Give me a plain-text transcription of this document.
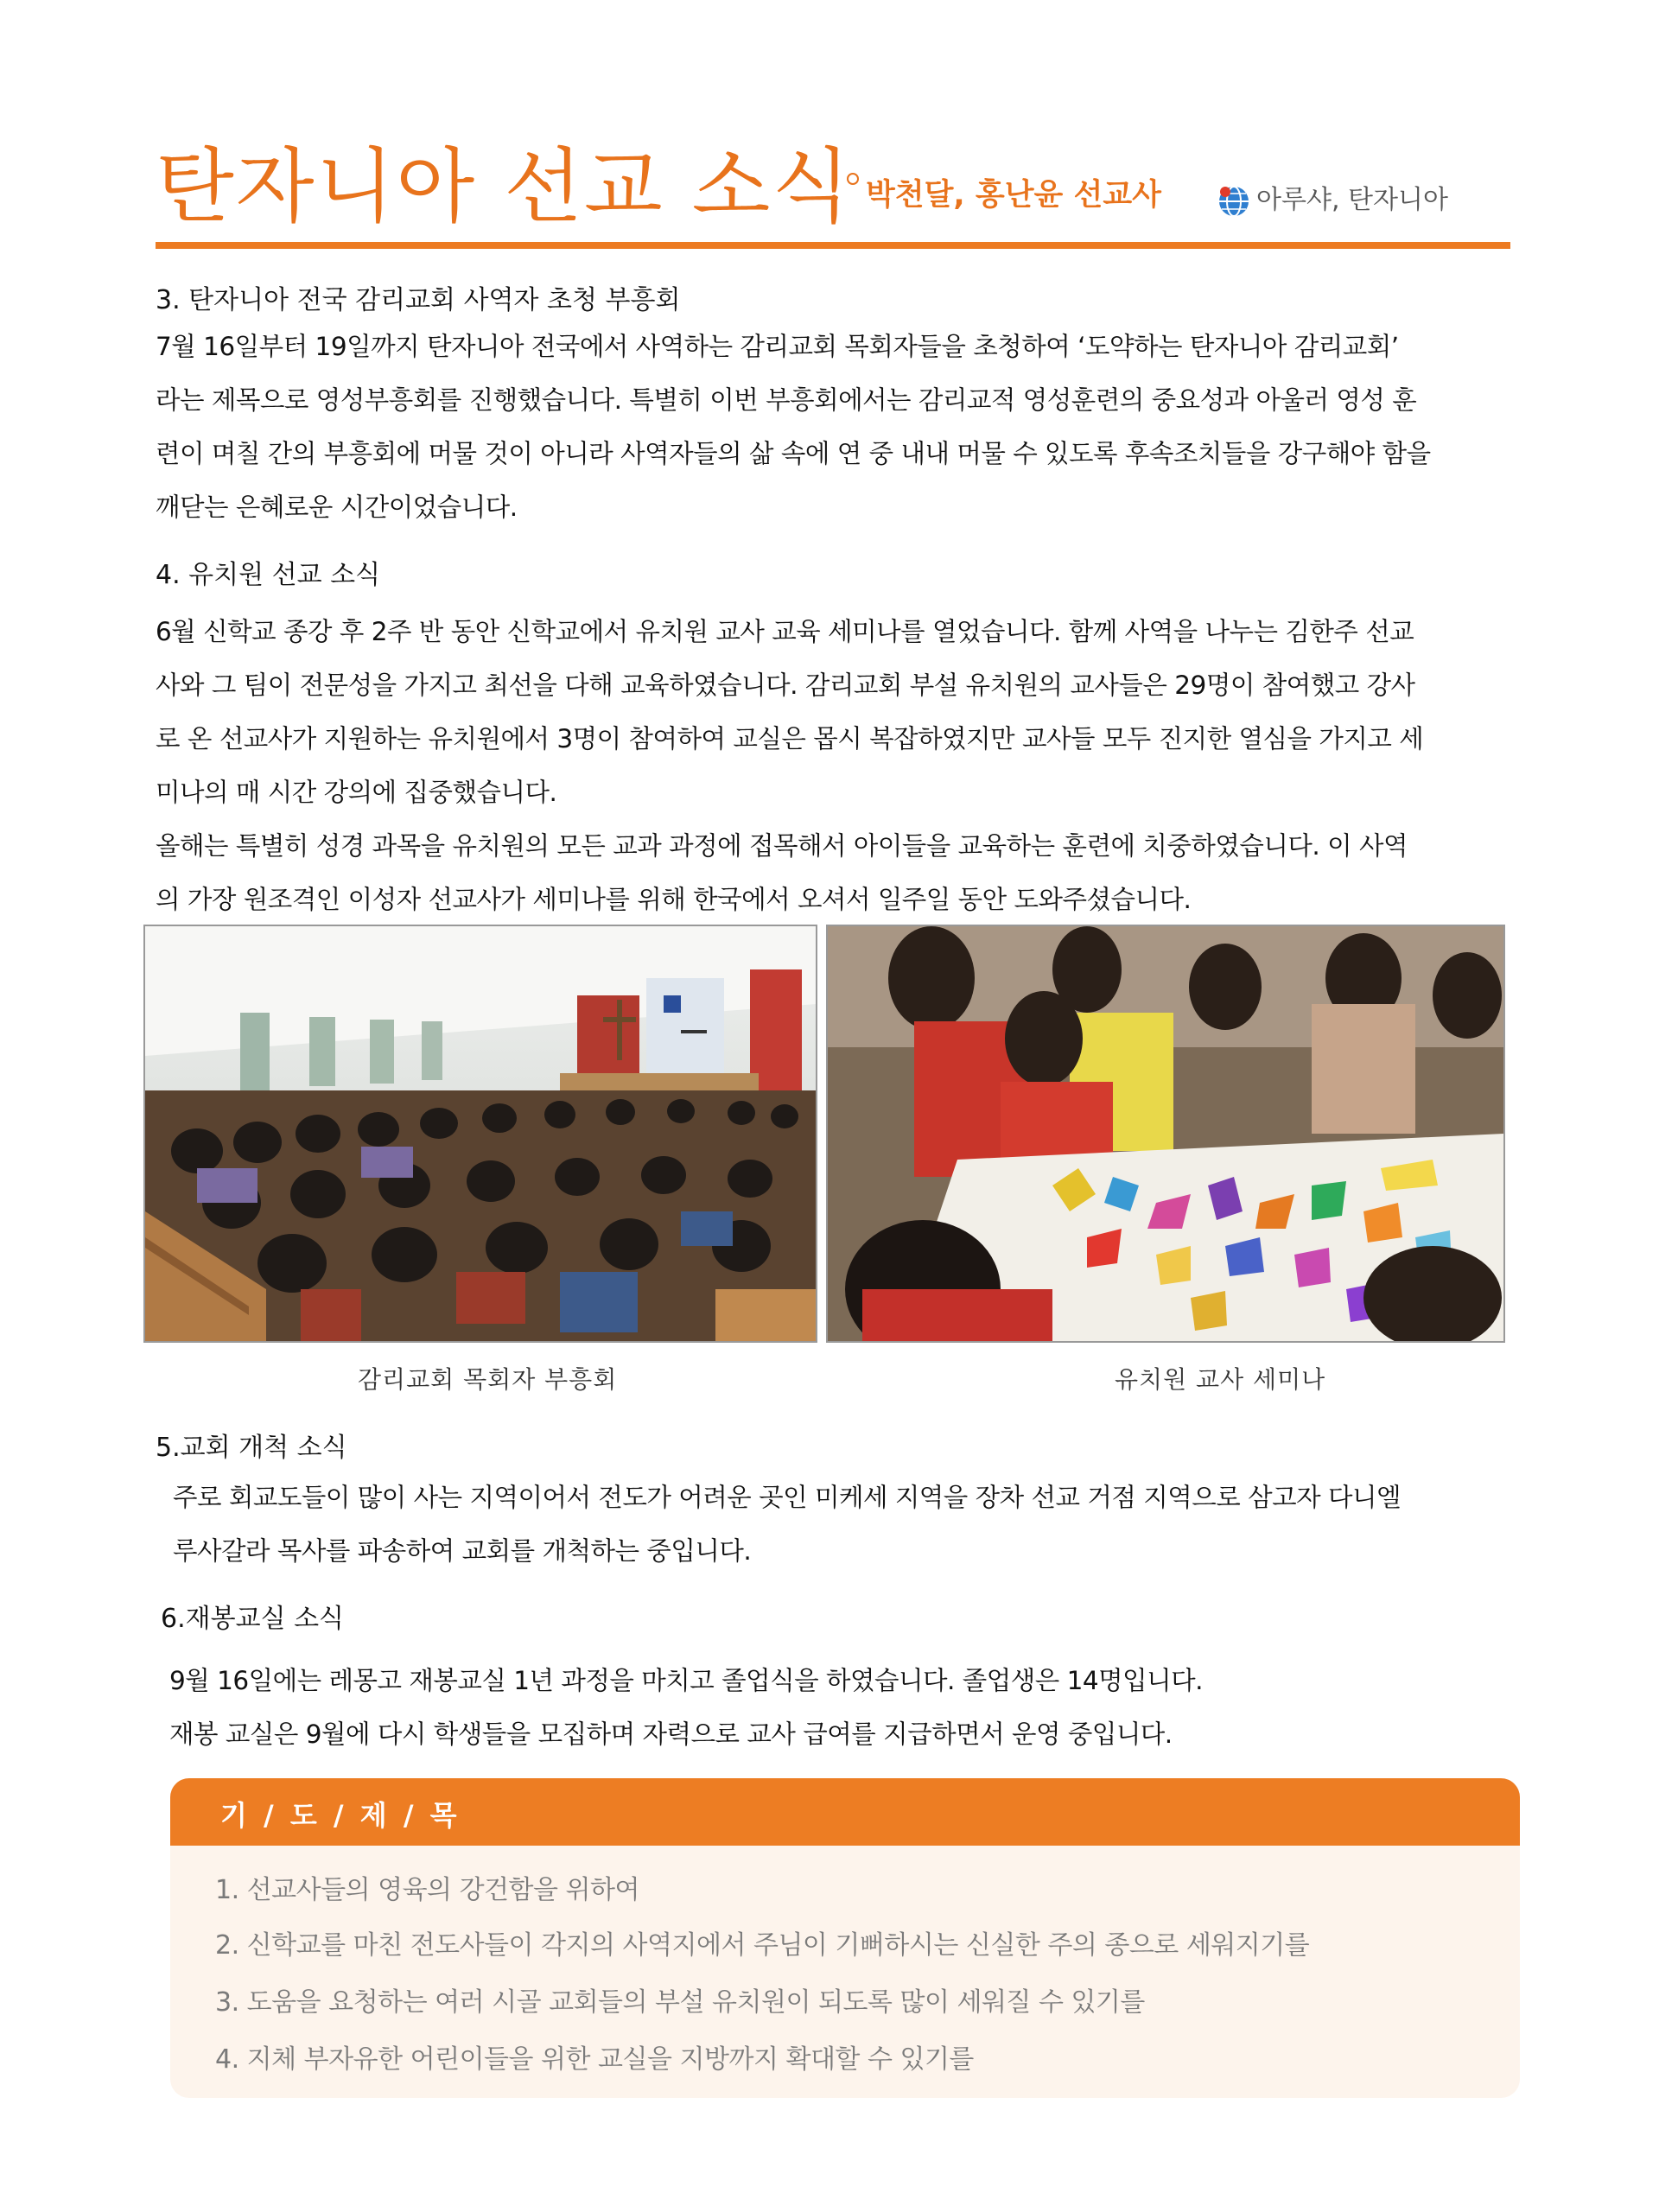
탄자니아 선교 소식 박천달, 홍난윤 선교사	아루샤, 탄자니아
3. 탄자니아 전국 감리교회 사역자 초청 부흥회
7월 16일부터 19일까지 탄자니아 전국에서 사역하는 감리교회 목회자들을 초청하여 ‘도약하는 탄자니아 감리교회’
라는 제목으로 영성부흥회를 진행했습니다. 특별히 이번 부흥회에서는 감리교적 영성훈련의 중요성과 아울러 영성 훈
련이 며칠 간의 부흥회에 머물 것이 아니라 사역자들의 삶 속에 연 중 내내 머물 수 있도록 후속조치들을 강구해야 함을
깨닫는 은혜로운 시간이었습니다.
4. 유치원 선교 소식
6월 신학교 종강 후 2주 반 동안 신학교에서 유치원 교사 교육 세미나를 열었습니다. 함께 사역을 나누는 김한주 선교
사와 그 팀이 전문성을 가지고 최선을 다해 교육하였습니다. 감리교회 부설 유치원의 교사들은 29명이 참여했고 강사
로 온 선교사가 지원하는 유치원에서 3명이 참여하여 교실은 몹시 복잡하였지만 교사들 모두 진지한 열심을 가지고 세
미나의 매 시간 강의에 집중했습니다.
올해는 특별히 성경 과목을 유치원의 모든 교과 과정에 접목해서 아이들을 교육하는 훈련에 치중하였습니다. 이 사역
의 가장 원조격인 이성자 선교사가 세미나를 위해 한국에서 오셔서 일주일 동안 도와주셨습니다.
감리교회 목회자 부흥회	유치원 교사 세미나
5.교회 개척 소식
주로 회교도들이 많이 사는 지역이어서 전도가 어려운 곳인 미케세 지역을 장차 선교 거점 지역으로 삼고자 다니엘
루사갈라 목사를 파송하여 교회를 개척하는 중입니다.
6.재봉교실 소식
9월 16일에는 레몽고 재봉교실 1년 과정을 마치고 졸업식을 하였습니다. 졸업생은 14명입니다.
재봉 교실은 9월에 다시 학생들을 모집하며 자력으로 교사 급여를 지급하면서 운영 중입니다.
기 / 도 / 제 / 목
1. 선교사들의 영육의 강건함을 위하여
2. 신학교를 마친 전도사들이 각지의 사역지에서 주님이 기뻐하시는 신실한 주의 종으로 세워지기를
3. 도움을 요청하는 여러 시골 교회들의 부설 유치원이 되도록 많이 세워질 수 있기를
4. 지체 부자유한 어린이들을 위한 교실을 지방까지 확대할 수 있기를
